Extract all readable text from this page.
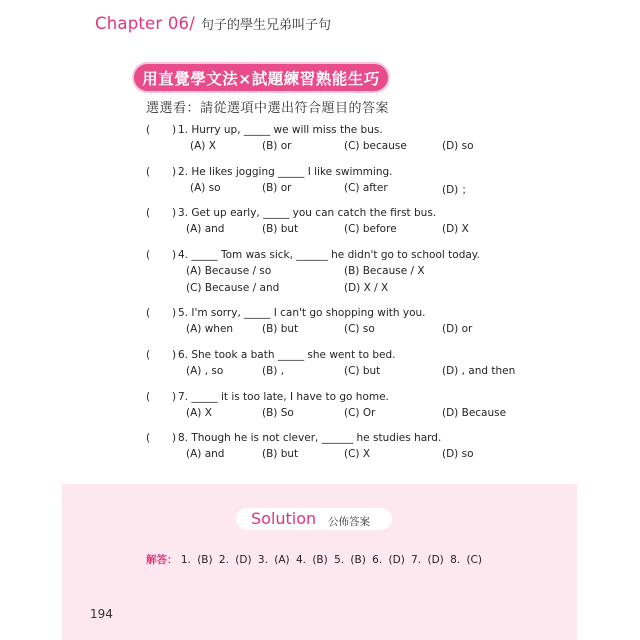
Chapter 06/ 句子的學生兄弟叫子句
用直覺學文法×試題練習熟能生巧
選選看：請從選項中選出符合題目的答案
( ) 1. Hurry up, _____ we will miss the bus.
(A) X	(B) or	(C) because	(D) so
( ) 2. He likes jogging _____ I like swimming.
(A) so	(B) or	(C) after	(D) ；
( ) 3. Get up early, _____ you can catch the first bus.
(A) and	(B) but	(C) before	(D) X
( ) 4. _____ Tom was sick, ______ he didn't go to school today.
(A) Because / so	(B) Because / X
(C) Because / and	(D) X / X
( ) 5. I'm sorry, _____ I can't go shopping with you.
(A) when	(B) but	(C) so	(D) or
( ) 6. She took a bath _____ she went to bed.
(A) , so	(B) ,	(C) but	(D) , and then
( ) 7. _____ it is too late, I have to go home.
(A) X	(B) So	(C) Or	(D) Because
( ) 8. Though he is not clever, ______ he studies hard.
(A) and	(B) but	(C) X	(D) so
Solution 公佈答案
解答： 1. (B) 2. (D) 3. (A) 4. (B) 5. (B) 6. (D) 7. (D) 8. (C)
194
